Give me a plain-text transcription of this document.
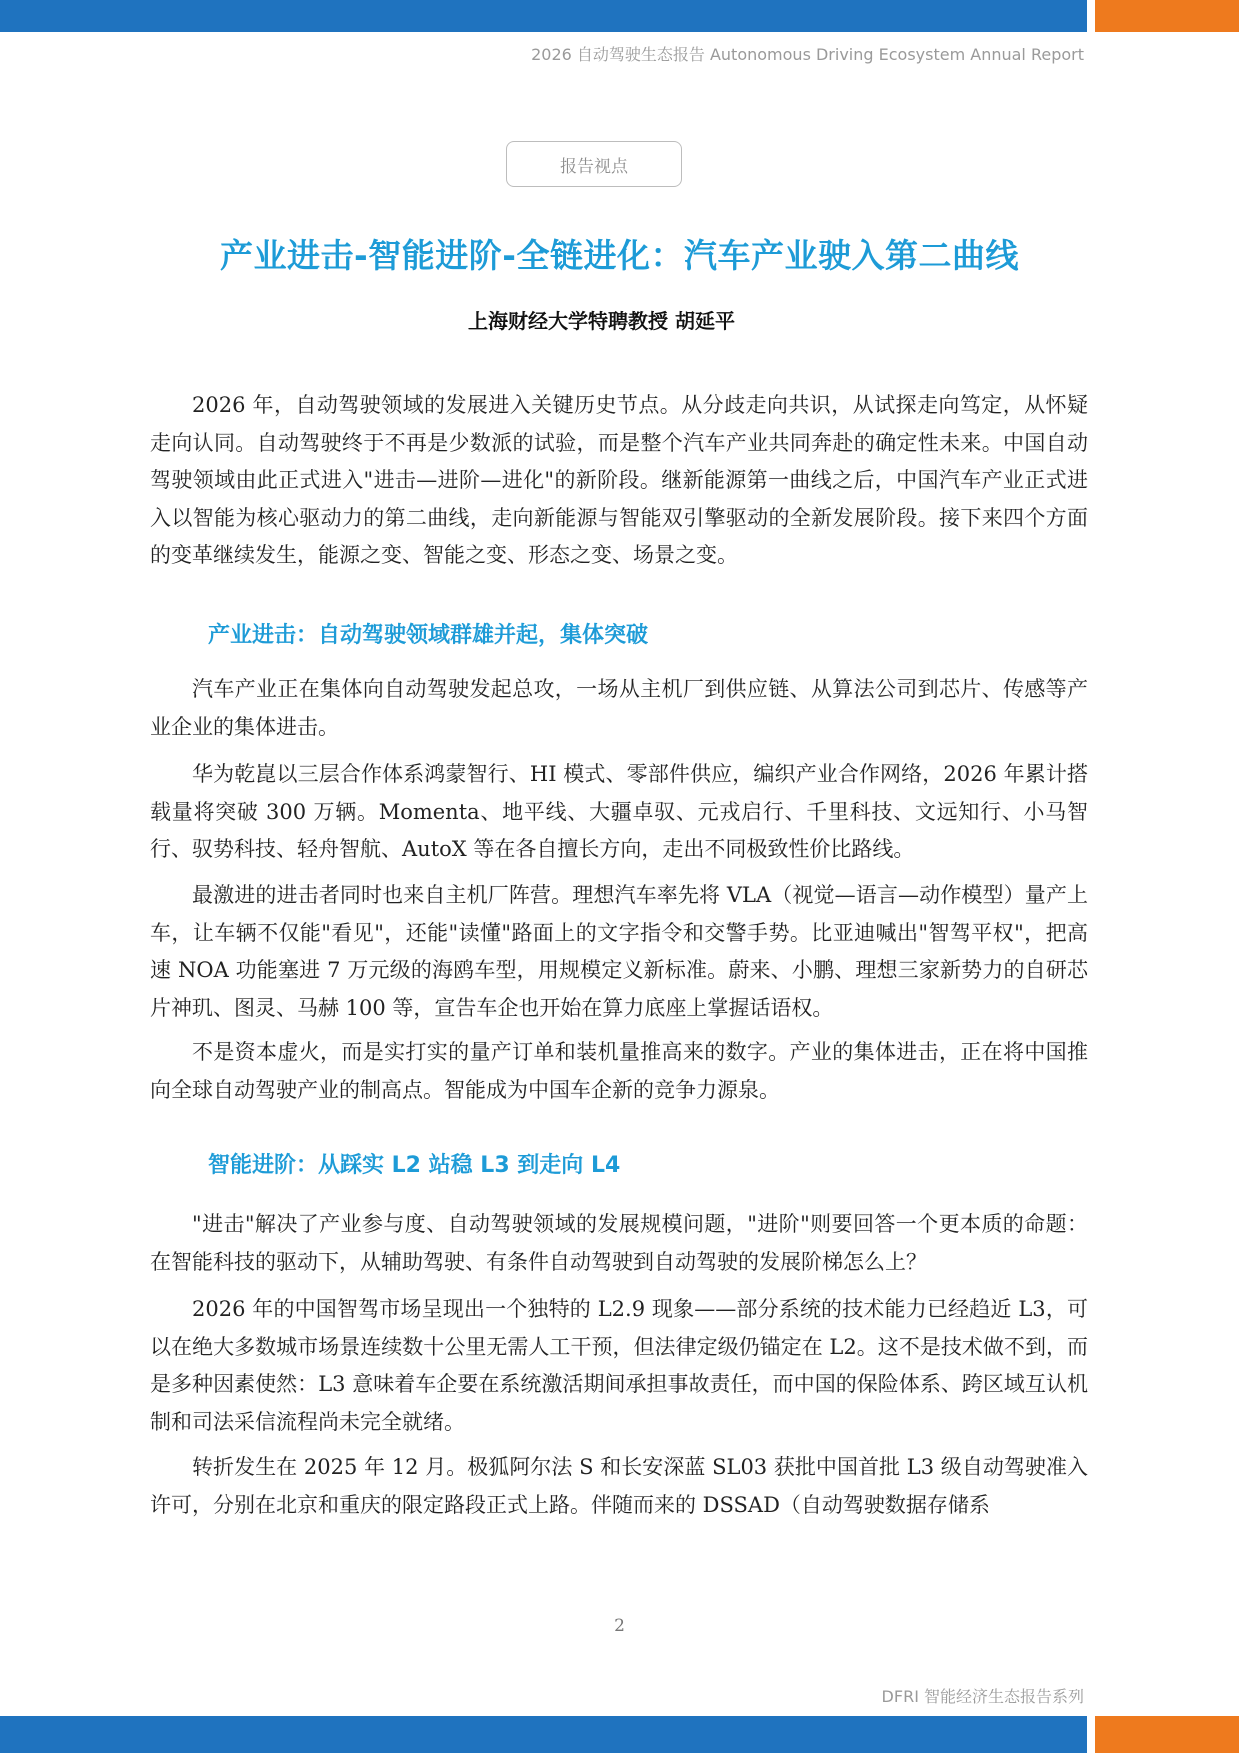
2026 自动驾驶生态报告 Autonomous Driving Ecosystem Annual Report
报告视点
产业进击-智能进阶-全链进化：汽车产业驶入第二曲线
上海财经大学特聘教授 胡延平

2026 年，自动驾驶领域的发展进入关键历史节点。从分歧走向共识，从试探走向笃定，从怀疑走向认同。自动驾驶终于不再是少数派的试验，而是整个汽车产业共同奔赴的确定性未来。中国自动驾驶领域由此正式进入"进击—进阶—进化"的新阶段。继新能源第一曲线之后，中国汽车产业正式进入以智能为核心驱动力的第二曲线，走向新能源与智能双引擎驱动的全新发展阶段。接下来四个方面的变革继续发生，能源之变、智能之变、形态之变、场景之变。

产业进击：自动驾驶领域群雄并起，集体突破

汽车产业正在集体向自动驾驶发起总攻，一场从主机厂到供应链、从算法公司到芯片、传感等产业企业的集体进击。

华为乾崑以三层合作体系鸿蒙智行、HI 模式、零部件供应，编织产业合作网络，2026 年累计搭载量将突破 300 万辆。Momenta、地平线、大疆卓驭、元戎启行、千里科技、文远知行、小马智行、驭势科技、轻舟智航、AutoX 等在各自擅长方向，走出不同极致性价比路线。

最激进的进击者同时也来自主机厂阵营。理想汽车率先将 VLA（视觉—语言—动作模型）量产上车，让车辆不仅能"看见"，还能"读懂"路面上的文字指令和交警手势。比亚迪喊出"智驾平权"，把高速 NOA 功能塞进 7 万元级的海鸥车型，用规模定义新标准。蔚来、小鹏、理想三家新势力的自研芯片神玑、图灵、马赫 100 等，宣告车企也开始在算力底座上掌握话语权。

不是资本虚火，而是实打实的量产订单和装机量推高来的数字。产业的集体进击，正在将中国推向全球自动驾驶产业的制高点。智能成为中国车企新的竞争力源泉。

智能进阶：从踩实 L2 站稳 L3 到走向 L4

"进击"解决了产业参与度、自动驾驶领域的发展规模问题，"进阶"则要回答一个更本质的命题：在智能科技的驱动下，从辅助驾驶、有条件自动驾驶到自动驾驶的发展阶梯怎么上？

2026 年的中国智驾市场呈现出一个独特的 L2.9 现象——部分系统的技术能力已经趋近 L3，可以在绝大多数城市场景连续数十公里无需人工干预，但法律定级仍锚定在 L2。这不是技术做不到，而是多种因素使然：L3 意味着车企要在系统激活期间承担事故责任，而中国的保险体系、跨区域互认机制和司法采信流程尚未完全就绪。

转折发生在 2025 年 12 月。极狐阿尔法 S 和长安深蓝 SL03 获批中国首批 L3 级自动驾驶准入许可，分别在北京和重庆的限定路段正式上路。伴随而来的 DSSAD（自动驾驶数据存储系

2
DFRI 智能经济生态报告系列
